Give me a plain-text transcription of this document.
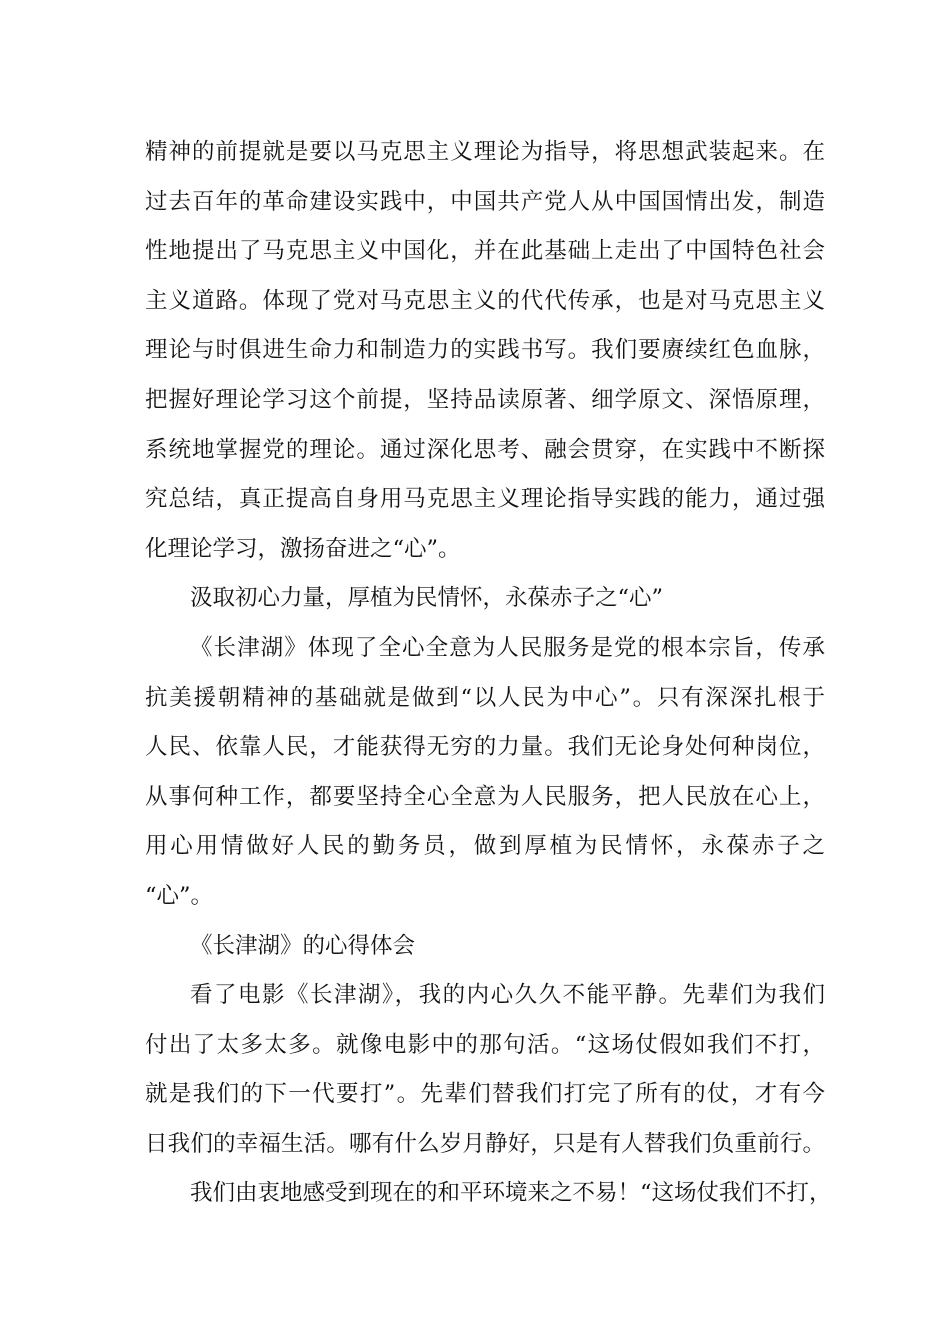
精神的前提就是要以马克思主义理论为指导，将思想武装起来。在
过去百年的革命建设实践中，中国共产党人从中国国情出发，制造
性地提出了马克思主义中国化，并在此基础上走出了中国特色社会
主义道路。体现了党对马克思主义的代代传承，也是对马克思主义
理论与时俱进生命力和制造力的实践书写。我们要赓续红色血脉，
把握好理论学习这个前提，坚持品读原著、细学原文、深悟原理，
系统地掌握党的理论。通过深化思考、融会贯穿，在实践中不断探
究总结，真正提高自身用马克思主义理论指导实践的能力，通过强
化理论学习，激扬奋进之“心”。
汲取初心力量，厚植为民情怀，永葆赤子之“心”
《长津湖》体现了全心全意为人民服务是党的根本宗旨，传承
抗美援朝精神的基础就是做到“以人民为中心”。只有深深扎根于
人民、依靠人民，才能获得无穷的力量。我们无论身处何种岗位，
从事何种工作，都要坚持全心全意为人民服务，把人民放在心上，
用心用情做好人民的勤务员，做到厚植为民情怀，永葆赤子之
“心”。
《长津湖》的心得体会
看了电影《长津湖》，我的内心久久不能平静。先辈们为我们
付出了太多太多。就像电影中的那句活。“这场仗假如我们不打，
就是我们的下一代要打”。先辈们替我们打完了所有的仗，才有今
日我们的幸福生活。哪有什么岁月静好，只是有人替我们负重前行。
我们由衷地感受到现在的和平环境来之不易！“这场仗我们不打，
